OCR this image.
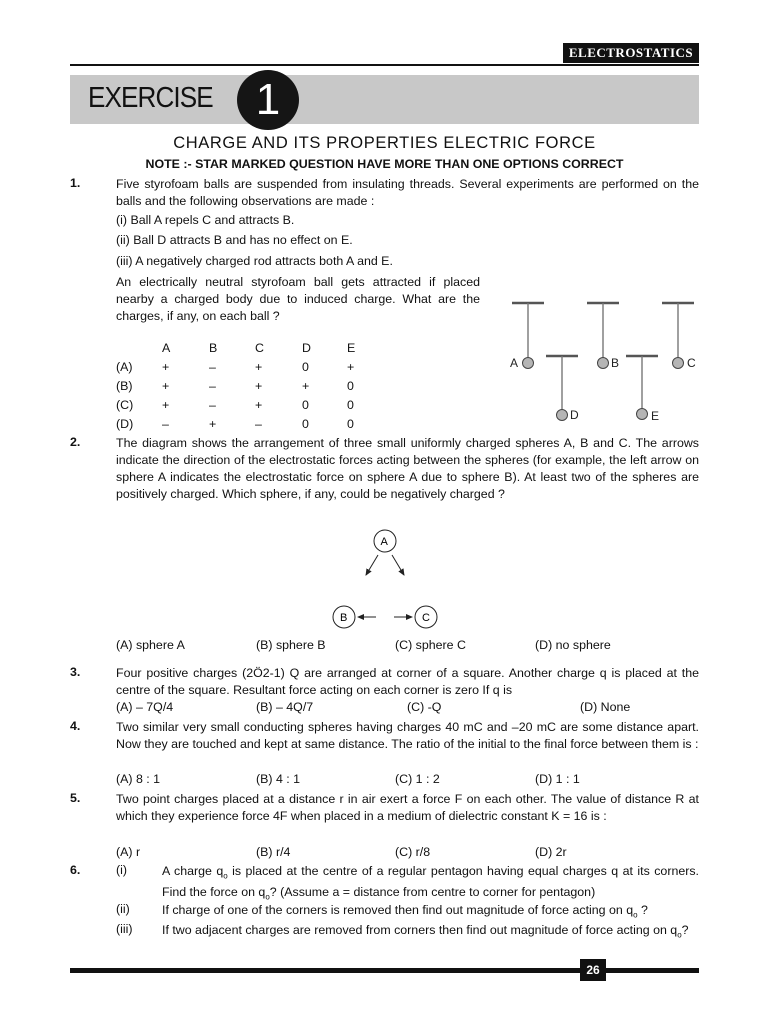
ELECTROSTATICS
EXERCISE 1
CHARGE AND ITS PROPERTIES ELECTRIC FORCE
NOTE :- STAR MARKED QUESTION HAVE MORE THAN ONE OPTIONS CORRECT
1.	Five styrofoam balls are suspended from insulating threads. Several experiments are performed on the balls and the following observations are made :
(i) Ball A repels C and attracts B.
(ii) Ball D attracts B and has no effect on E.
(iii) A negatively charged rod attracts both A and E.
An electrically neutral styrofoam ball gets attracted if placed nearby a charged body due to induced charge. What are the charges, if any, on each ball ?
A	B	C	D	E
(A) +	–	+	0	+
(B) +	–	+	+	0
(C) +	–	+	0	0
(D) –	+	–	0	0
A	B	C
D	E
2.	The diagram shows the arrangement of three small uniformly charged spheres A, B and C. The arrows indicate the direction of the electrostatic forces acting between the spheres (for example, the left arrow on sphere A indicates the electrostatic force on sphere A due to sphere B). At least two of the spheres are positively charged. Which sphere, if any, could be negatively charged ?
A
B	C
(A) sphere A	(B) sphere B	(C) sphere C	(D) no sphere
3.	Four positive charges (2Ö2-1) Q are arranged at corner of a square. Another charge q is placed at the centre of the square. Resultant force acting on each corner is zero If q is
(A) – 7Q/4	(B) – 4Q/7	(C) -Q	(D) None
4.	Two similar very small conducting spheres having charges 40 mC and –20 mC are some distance apart. Now they are touched and kept at same distance. The ratio of the initial to the final force between them is :
(A) 8 : 1	(B) 4 : 1	(C) 1 : 2	(D) 1 : 1
5.	Two point charges placed at a distance r in air exert a force F on each other. The value of distance R at which they experience force 4F when placed in a medium of dielectric constant K = 16 is :
(A) r	(B) r/4	(C) r/8	(D) 2r
6.	(i)	A charge $q_o$ is placed at the centre of a regular pentagon having equal charges q at its corners. Find the force on $q_o$? (Assume a = distance from centre to corner for pentagon)
(ii)	If charge of one of the corners is removed then find out magnitude of force acting on $q_o$ ?
(iii) If two adjacent charges are removed from corners then find out magnitude of force acting on $q_o$?
26
